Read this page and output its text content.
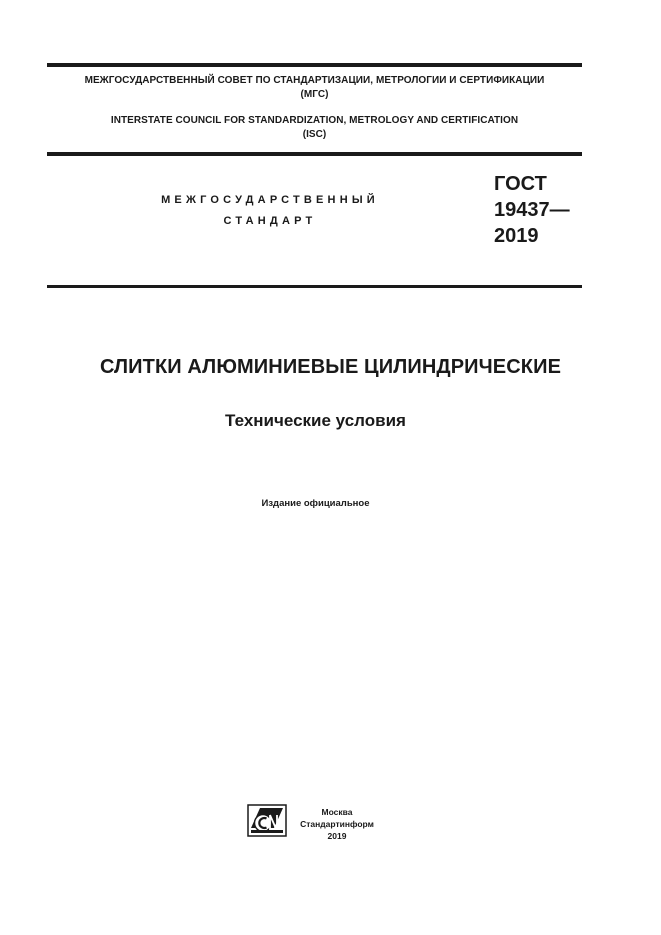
МЕЖГОСУДАРСТВЕННЫЙ СОВЕТ ПО СТАНДАРТИЗАЦИИ, МЕТРОЛОГИИ И СЕРТИФИКАЦИИ
(МГС)
INTERSTATE COUNCIL FOR STANDARDIZATION, METROLOGY AND CERTIFICATION
(ISC)
МЕЖГОСУДАРСТВЕННЫЙ
СТАНДАРТ
ГОСТ
19437—
2019
СЛИТКИ АЛЮМИНИЕВЫЕ ЦИЛИНДРИЧЕСКИЕ
Технические условия
Издание официальное
Москва
Стандартинформ
2019
